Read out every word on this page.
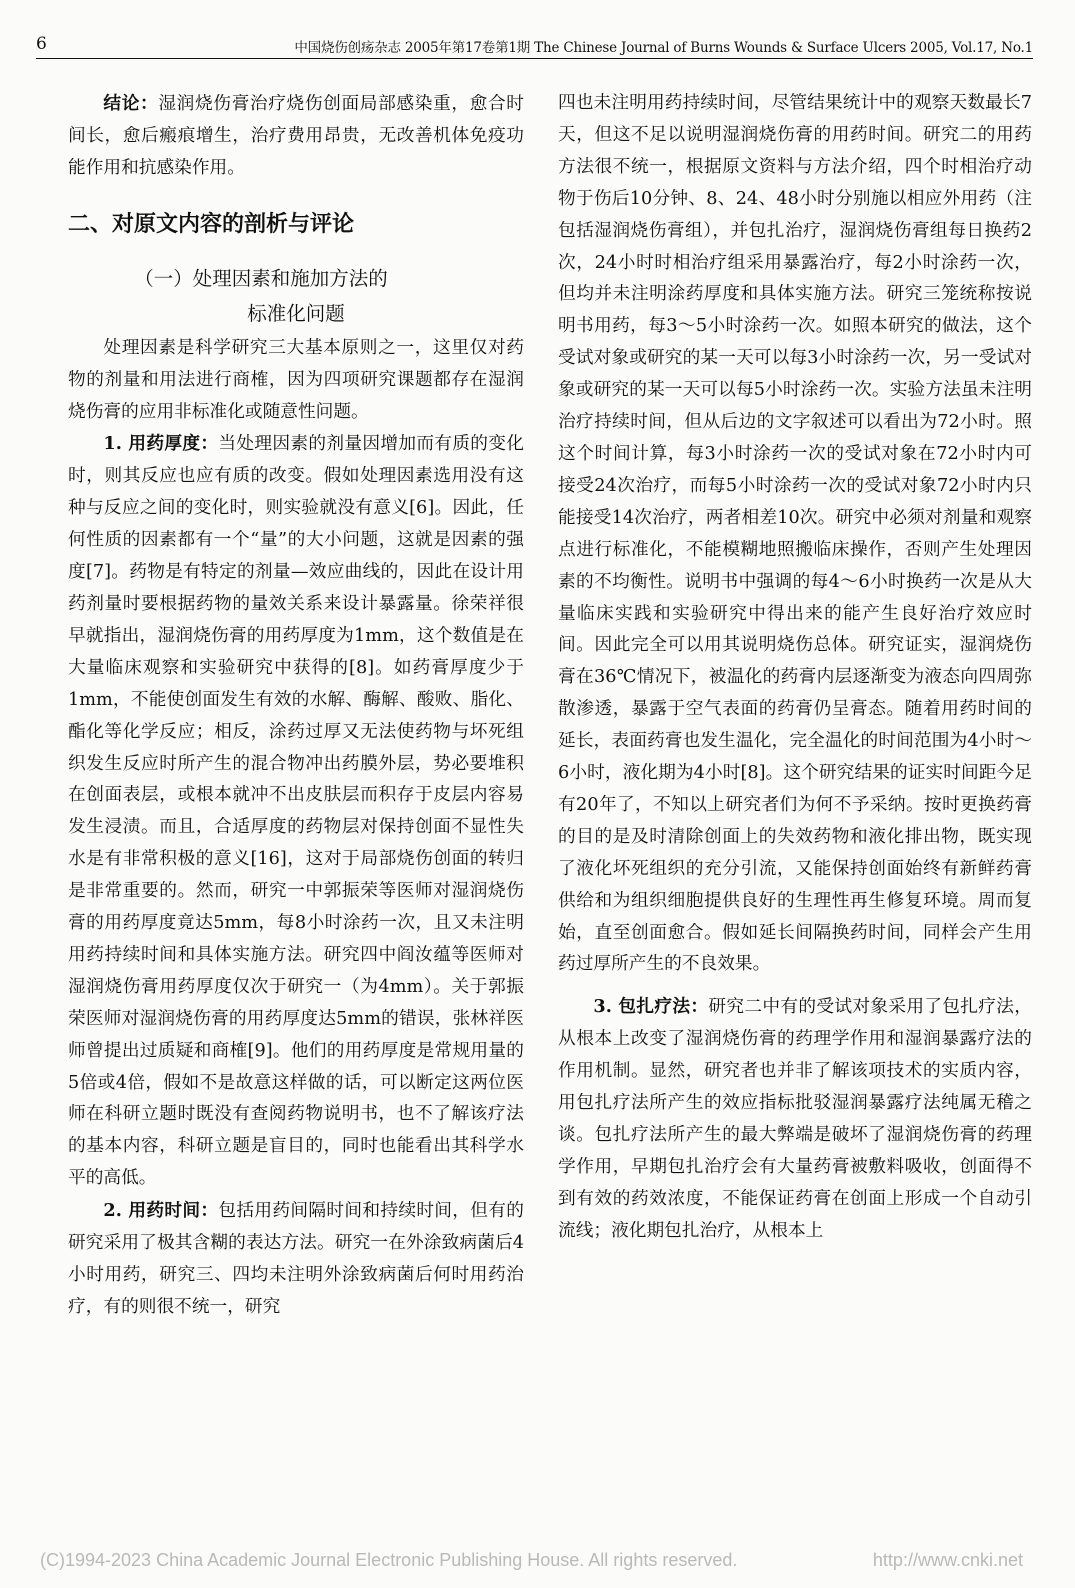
6	中国烧伤创疡杂志 2005年第17卷第1期 The Chinese Journal of Burns Wounds & Surface Ulcers 2005, Vol.17, No.1

结论：湿润烧伤膏治疗烧伤创面局部感染重，愈合时间长，愈后瘢痕增生，治疗费用昂贵，无改善机体免疫功能作用和抗感染作用。

二、对原文内容的剖析与评论
（一）处理因素和施加方法的
标准化问题

处理因素是科学研究三大基本原则之一，这里仅对药物的剂量和用法进行商榷，因为四项研究课题都存在湿润烧伤膏的应用非标准化或随意性问题。

1. 用药厚度：当处理因素的剂量因增加而有质的变化时，则其反应也应有质的改变。假如处理因素选用没有这种与反应之间的变化时，则实验就没有意义[6]。因此，任何性质的因素都有一个“量”的大小问题，这就是因素的强度[7]。药物是有特定的剂量—效应曲线的，因此在设计用药剂量时要根据药物的量效关系来设计暴露量。徐荣祥很早就指出，湿润烧伤膏的用药厚度为1mm，这个数值是在大量临床观察和实验研究中获得的[8]。如药膏厚度少于1mm，不能使创面发生有效的水解、酶解、酸败、脂化、酯化等化学反应；相反，涂药过厚又无法使药物与坏死组织发生反应时所产生的混合物冲出药膜外层，势必要堆积在创面表层，或根本就冲不出皮肤层而积存于皮层内容易发生浸渍。而且，合适厚度的药物层对保持创面不显性失水是有非常积极的意义[16]，这对于局部烧伤创面的转归是非常重要的。然而，研究一中郭振荣等医师对湿润烧伤膏的用药厚度竟达5mm，每8小时涂药一次，且又未注明用药持续时间和具体实施方法。研究四中阎汝蕴等医师对湿润烧伤膏用药厚度仅次于研究一（为4mm）。关于郭振荣医师对湿润烧伤膏的用药厚度达5mm的错误，张林祥医师曾提出过质疑和商榷[9]。他们的用药厚度是常规用量的5倍或4倍，假如不是故意这样做的话，可以断定这两位医师在科研立题时既没有查阅药物说明书，也不了解该疗法的基本内容，科研立题是盲目的，同时也能看出其科学水平的高低。

2. 用药时间：包括用药间隔时间和持续时间，但有的研究采用了极其含糊的表达方法。研究一在外涂致病菌后4小时用药，研究三、四均未注明外涂致病菌后何时用药治疗，有的则很不统一，研究

四也未注明用药持续时间，尽管结果统计中的观察天数最长7天，但这不足以说明湿润烧伤膏的用药时间。研究二的用药方法很不统一，根据原文资料与方法介绍，四个时相治疗动物于伤后10分钟、8、24、48小时分别施以相应外用药（注包括湿润烧伤膏组），并包扎治疗，湿润烧伤膏组每日换药2次，24小时时相治疗组采用暴露治疗，每2小时涂药一次，但均并未注明涂药厚度和具体实施方法。研究三笼统称按说明书用药，每3～5小时涂药一次。如照本研究的做法，这个受试对象或研究的某一天可以每3小时涂药一次，另一受试对象或研究的某一天可以每5小时涂药一次。实验方法虽未注明治疗持续时间，但从后边的文字叙述可以看出为72小时。照这个时间计算，每3小时涂药一次的受试对象在72小时内可接受24次治疗，而每5小时涂药一次的受试对象72小时内只能接受14次治疗，两者相差10次。研究中必须对剂量和观察点进行标准化，不能模糊地照搬临床操作，否则产生处理因素的不均衡性。说明书中强调的每4～6小时换药一次是从大量临床实践和实验研究中得出来的能产生良好治疗效应时间。因此完全可以用其说明烧伤总体。研究证实，湿润烧伤膏在36℃情况下，被温化的药膏内层逐渐变为液态向四周弥散渗透，暴露于空气表面的药膏仍呈膏态。随着用药时间的延长，表面药膏也发生温化，完全温化的时间范围为4小时～6小时，液化期为4小时[8]。这个研究结果的证实时间距今足有20年了，不知以上研究者们为何不予采纳。按时更换药膏的目的是及时清除创面上的失效药物和液化排出物，既实现了液化坏死组织的充分引流，又能保持创面始终有新鲜药膏供给和为组织细胞提供良好的生理性再生修复环境。周而复始，直至创面愈合。假如延长间隔换药时间，同样会产生用药过厚所产生的不良效果。

3. 包扎疗法：研究二中有的受试对象采用了包扎疗法，从根本上改变了湿润烧伤膏的药理学作用和湿润暴露疗法的作用机制。显然，研究者也并非了解该项技术的实质内容，用包扎疗法所产生的效应指标批驳湿润暴露疗法纯属无稽之谈。包扎疗法所产生的最大弊端是破坏了湿润烧伤膏的药理学作用，早期包扎治疗会有大量药膏被敷料吸收，创面得不到有效的药效浓度，不能保证药膏在创面上形成一个自动引流线；液化期包扎治疗，从根本上

(C)1994-2023 China Academic Journal Electronic Publishing House. All rights reserved.	http://www.cnki.net
